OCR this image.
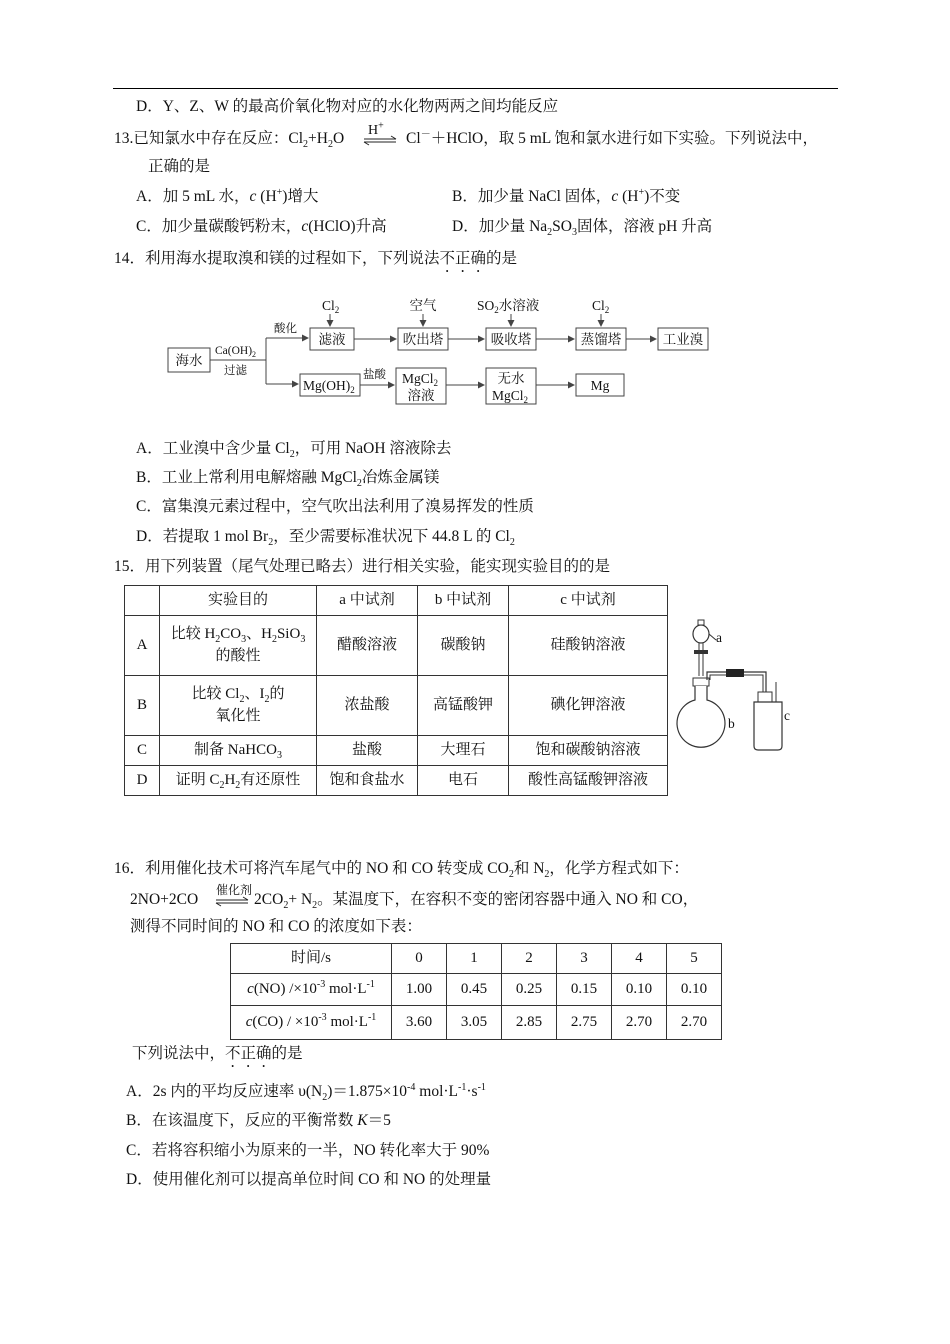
D．Y、Z、W 的最高价氧化物对应的水化物两两之间均能反应
13.已知氯水中存在反应：$Cl_2+H_2O$ H+
Cl－＋HClO，取 5 mL 饱和氯水进行如下实验。下列说法中，
正确的是
A．加 5 mL 水，c (H+)增大	B．加少量 NaCl 固体，c (H+)不变
C．加少量碳酸钙粉末，c(HClO)升高	D．加少量 $Na_2SO_3$固体，溶液 pH 升高
14．利用海水提取溴和镁的过程如下，下列说法不正确的是
海水
$Ca(OH)_2$
过滤
酸化
滤液	吹出塔	吸收塔	蒸馏塔	工业溴
$Cl_2$	空气	$SO_2$水溶液	$Cl_2$
$Mg(OH)_2$
盐酸 MgCl$_2$
溶液
无水
MgCl$_2$
Mg
A．工业溴中含少量 $Cl_2$，可用 NaOH 溶液除去
B．工业上常利用电解熔融 MgCl$_2$冶炼金属镁
C．富集溴元素过程中，空气吹出法利用了溴易挥发的性质
D．若提取 1 mol $Br_2$，至少需要标准状况下 44.8 L 的 $Cl_2$
15．用下列装置（尾气处理已略去）进行相关实验，能实现实验目的的是
	实验目的	a 中试剂	b 中试剂	c 中试剂
A	比较 $H_2CO_3$、$H_2SiO_3$
的酸性	醋酸溶液	碳酸钠	硅酸钠溶液
B	比较 $Cl_2$、$I_2$的
氧化性	浓盐酸	高锰酸钾	碘化钾溶液
C	制备 NaHCO$_3$	盐酸	大理石	饱和碳酸钠溶液
D	证明 $C_2H_2$有还原性	饱和食盐水	电石	酸性高锰酸钾溶液
a
b
c
16．利用催化技术可将汽车尾气中的 NO 和 CO 转变成 $CO_2$和 $N_2$，化学方程式如下：
2NO+2CO
催化剂
$2CO_2+ N_2$。某温度下，在容积不变的密闭容器中通入 NO 和 CO，
测得不同时间的 NO 和 CO 的浓度如下表：
时间/s	0	1	2	3	4	5
c(NO) $/\times 10^{-3}$ $mol\cdot L^{-1}$	1.00	0.45	0.25	0.15	0.10	0.10
$c(CO) / \times 10^{-3}$ $mol\cdot L^{-1}$	3.60	3.05	2.85	2.75	2.70	2.70
下列说法中，不正确的是
A．2s 内的平均反应速率 $\upsilon(N_2)=1.875\times 10^{-4}$ $mol\cdot L^{-1}\cdot s^{-1}$
B．在该温度下，反应的平衡常数 K＝5
C．若将容积缩小为原来的一半，NO 转化率大于 90%
D．使用催化剂可以提高单位时间 CO 和 NO 的处理量
